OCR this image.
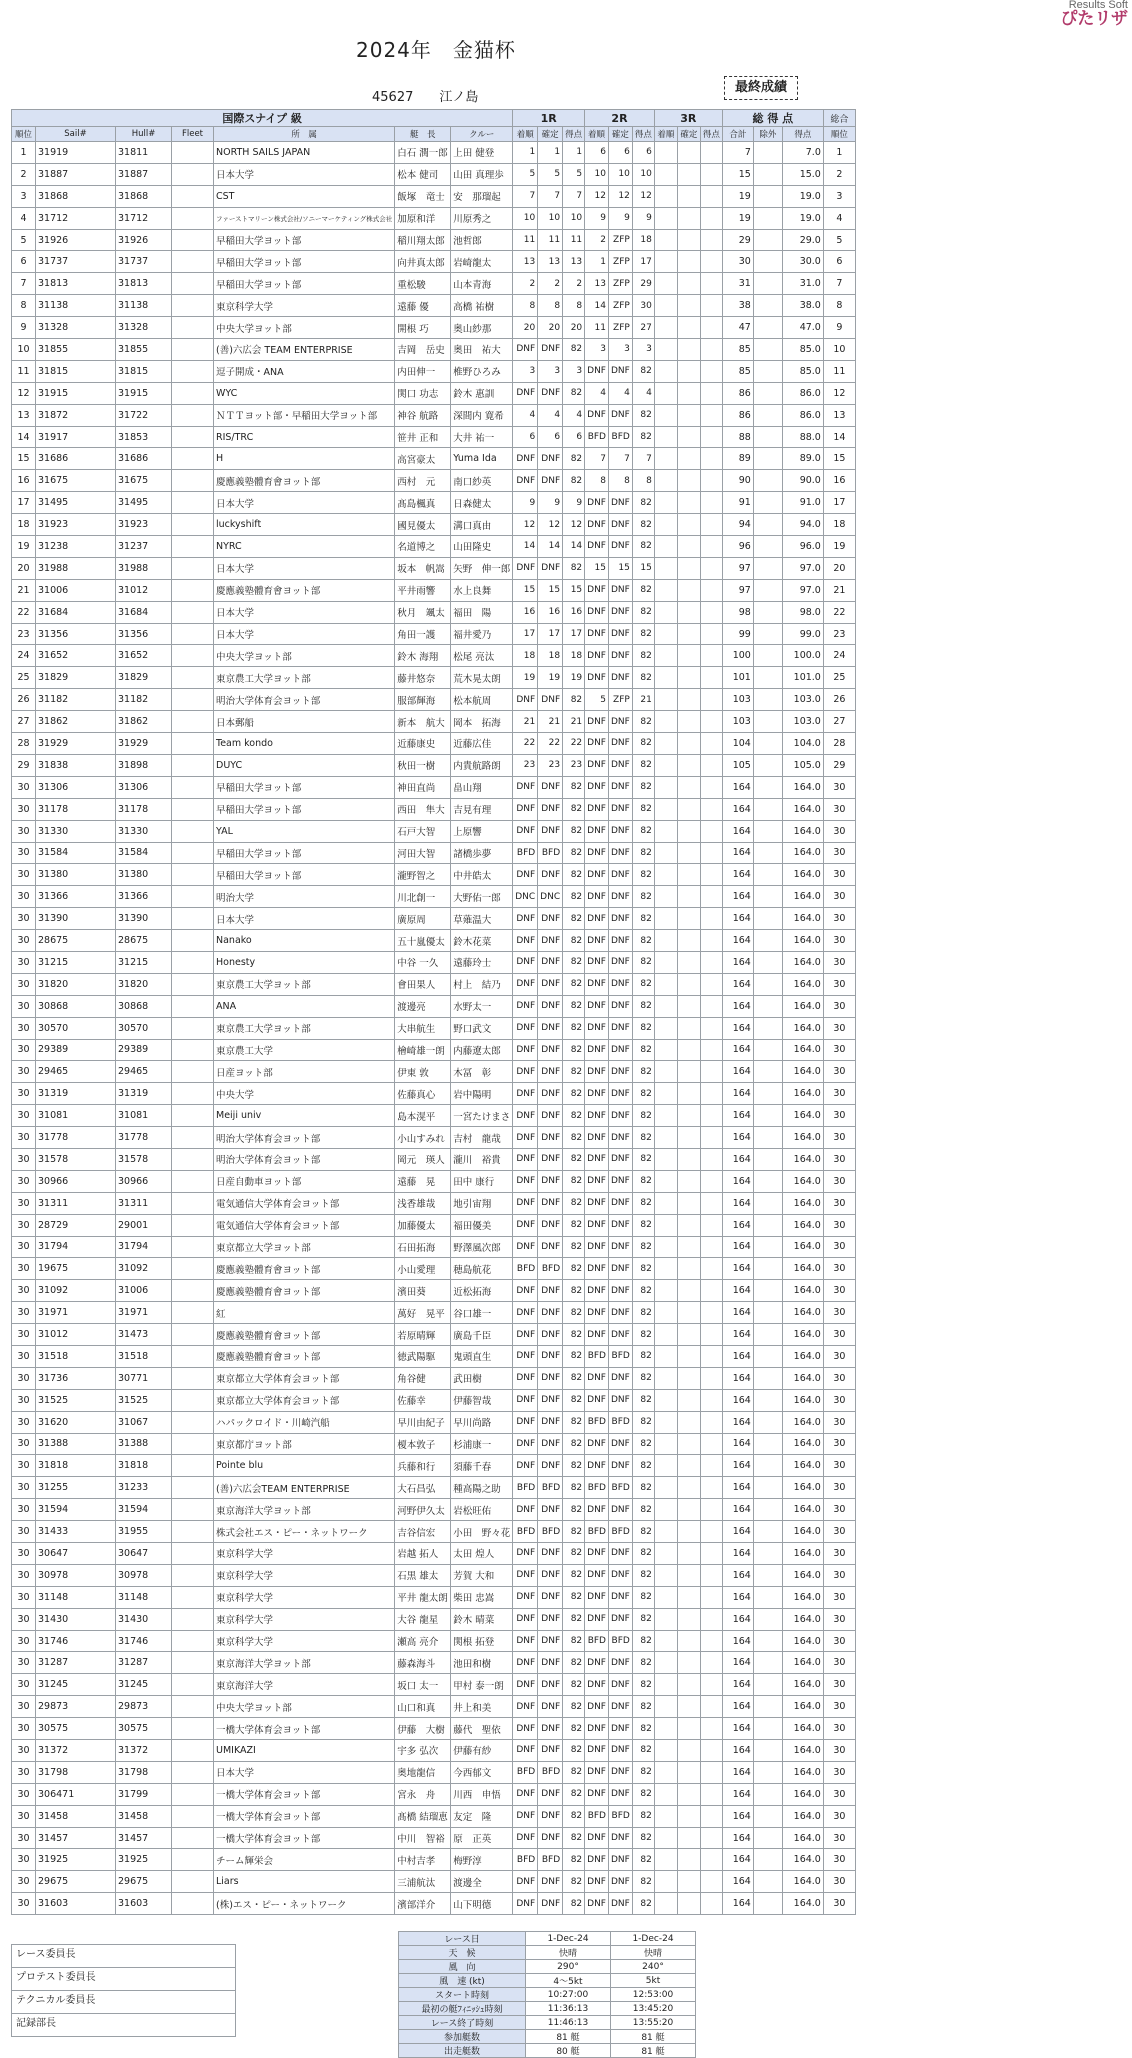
Results Soft
ぴたリザ
2024年　金猫杯
45627　　江ノ島
最終成績
国際スナイプ 級							1R			2R			3R			総 得 点			総合
順位	Sail#	Hull#	Fleet	所　属	艇　長	クルー	着順	確定	得点	着順	確定	得点	着順	確定	得点	合計	除外	得点	順位
1	31919	31811		NORTH SAILS JAPAN	白石 潤一郎	上田 健登	1	1	1	6	6	6				7		7.0	1
2	31887	31887		日本大学	松本 健司	山田 真理歩	5	5	5	10	10	10				15		15.0	2
3	31868	31868		CST	飯塚　竜士	安　那瑠起	7	7	7	12	12	12				19		19.0	3
4	31712	31712		ファーストマリーン株式会社/ソニーマーケティング株式会社	加原和洋	川原秀之	10	10	10	9	9	9				19		19.0	4
5	31926	31926		早稲田大学ヨット部	稲川翔太郎	池哲郎	11	11	11	2	ZFP	18				29		29.0	5
6	31737	31737		早稲田大学ヨット部	向井真太郎	岩崎龍太	13	13	13	1	ZFP	17				30		30.0	6
7	31813	31813		早稲田大学ヨット部	重松駿	山本青海	2	2	2	13	ZFP	29				31		31.0	7
8	31138	31138		東京科学大学	遠藤 優	高橋 祐樹	8	8	8	14	ZFP	30				38		38.0	8
9	31328	31328		中央大学ヨット部	開根 巧	奥山紗那	20	20	20	11	ZFP	27				47		47.0	9
10	31855	31855		(善)六広会 TEAM ENTERPRISE	吉岡　岳史	奥田　祐大	DNF	DNF	82	3	3	3				85		85.0	10
11	31815	31815		逗子開成・ANA	内田伸一	椎野ひろみ	3	3	3	DNF	DNF	82				85		85.0	11
12	31915	31915		WYC	関口 功志	鈴木 惠訓	DNF	DNF	82	4	4	4				86		86.0	12
13	31872	31722		ＮＴＴヨット部・早稲田大学ヨット部	神谷 航路	深間内 寛希	4	4	4	DNF	DNF	82				86		86.0	13
14	31917	31853		RIS/TRC	笹井 正和	大井 祐一	6	6	6	BFD	BFD	82				88		88.0	14
15	31686	31686		H	高宮豪太	Yuma Ida	DNF	DNF	82	7	7	7				89		89.0	15
16	31675	31675		慶應義塾體育會ヨット部	西村　元	南口紗英	DNF	DNF	82	8	8	8				90		90.0	16
17	31495	31495		日本大学	髙島楓真	日森健太	9	9	9	DNF	DNF	82				91		91.0	17
18	31923	31923		luckyshift	國見優太	溝口真由	12	12	12	DNF	DNF	82				94		94.0	18
19	31238	31237		NYRC	名道博之	山田隆史	14	14	14	DNF	DNF	82				96		96.0	19
20	31988	31988		日本大学	坂本　帆嵩	矢野　伸一郎	DNF	DNF	82	15	15	15				97		97.0	20
21	31006	31012		慶應義塾體育會ヨット部	平井雨響	水上良舞	15	15	15	DNF	DNF	82				97		97.0	21
22	31684	31684		日本大学	秋月　颯太	福田　陽	16	16	16	DNF	DNF	82				98		98.0	22
23	31356	31356		日本大学	角田一護	福井愛乃	17	17	17	DNF	DNF	82				99		99.0	23
24	31652	31652		中央大学ヨット部	鈴木 海翔	松尾 亮汰	18	18	18	DNF	DNF	82				100		100.0	24
25	31829	31829		東京農工大学ヨット部	藤井悠奈	荒木晃太朗	19	19	19	DNF	DNF	82				101		101.0	25
26	31182	31182		明治大学体育会ヨット部	服部輝海	松本航周	DNF	DNF	82	5	ZFP	21				103		103.0	26
27	31862	31862		日本郵船	新本　航大	岡本　拓海	21	21	21	DNF	DNF	82				103		103.0	27
28	31929	31929		Team kondo	近藤康史	近藤広佳	22	22	22	DNF	DNF	82				104		104.0	28
29	31838	31898		DUYC	秋田一樹	内貴航路朗	23	23	23	DNF	DNF	82				105		105.0	29
30	31306	31306		早稲田大学ヨット部	神田直尚	畠山翔	DNF	DNF	82	DNF	DNF	82				164		164.0	30
30	31178	31178		早稲田大学ヨット部	西田　隼大	吉見有理	DNF	DNF	82	DNF	DNF	82				164		164.0	30
30	31330	31330		YAL	石戸大智	上原響	DNF	DNF	82	DNF	DNF	82				164		164.0	30
30	31584	31584		早稲田大学ヨット部	河田大智	諸橋歩夢	BFD	BFD	82	DNF	DNF	82				164		164.0	30
30	31380	31380		早稲田大学ヨット部	瀧野智之	中井皓太	DNF	DNF	82	DNF	DNF	82				164		164.0	30
30	31366	31366		明治大学	川北創一	大野佑一郎	DNC	DNC	82	DNF	DNF	82				164		164.0	30
30	31390	31390		日本大学	廣原周	草薙温大	DNF	DNF	82	DNF	DNF	82				164		164.0	30
30	28675	28675		Nanako	五十嵐優太	鈴木花菜	DNF	DNF	82	DNF	DNF	82				164		164.0	30
30	31215	31215		Honesty	中谷 一久	遠藤玲士	DNF	DNF	82	DNF	DNF	82				164		164.0	30
30	31820	31820		東京農工大学ヨット部	會田果人	村上　結乃	DNF	DNF	82	DNF	DNF	82				164		164.0	30
30	30868	30868		ANA	渡邊亮	水野太一	DNF	DNF	82	DNF	DNF	82				164		164.0	30
30	30570	30570		東京農工大学ヨット部	大串航生	野口武文	DNF	DNF	82	DNF	DNF	82				164		164.0	30
30	29389	29389		東京農工大学	檜崎雄一朗	内藤遼太郎	DNF	DNF	82	DNF	DNF	82				164		164.0	30
30	29465	29465		日産ヨット部	伊東 敦	木冨　彰	DNF	DNF	82	DNF	DNF	82				164		164.0	30
30	31319	31319		中央大学	佐藤真心	岩中陽明	DNF	DNF	82	DNF	DNF	82				164		164.0	30
30	31081	31081		Meiji univ	島本滉平	一宮たけまさ	DNF	DNF	82	DNF	DNF	82				164		164.0	30
30	31778	31778		明治大学体育会ヨット部	小山すみれ	吉村　龍哉	DNF	DNF	82	DNF	DNF	82				164		164.0	30
30	31578	31578		明治大学体育会ヨット部	岡元　瑛人	瀧川　裕貴	DNF	DNF	82	DNF	DNF	82				164		164.0	30
30	30966	30966		日産自動車ヨット部	遠藤　晃	田中 康行	DNF	DNF	82	DNF	DNF	82				164		164.0	30
30	31311	31311		電気通信大学体育会ヨット部	浅香雄哉	地引宙翔	DNF	DNF	82	DNF	DNF	82				164		164.0	30
30	28729	29001		電気通信大学体育会ヨット部	加藤優太	福田優美	DNF	DNF	82	DNF	DNF	82				164		164.0	30
30	31794	31794		東京都立大学ヨット部	石田拓海	野澤風次郎	DNF	DNF	82	DNF	DNF	82				164		164.0	30
30	19675	31092		慶應義塾體育會ヨット部	小山愛理	穂島航花	BFD	BFD	82	DNF	DNF	82				164		164.0	30
30	31092	31006		慶應義塾體育會ヨット部	濱田葵	近松拓海	DNF	DNF	82	DNF	DNF	82				164		164.0	30
30	31971	31971		紅	萬好　晃平	谷口雄一	DNF	DNF	82	DNF	DNF	82				164		164.0	30
30	31012	31473		慶應義塾體育會ヨット部	若原晴輝	廣島千臣	DNF	DNF	82	DNF	DNF	82				164		164.0	30
30	31518	31518		慶應義塾體育會ヨット部	徳武陽駆	鬼頭直生	DNF	DNF	82	BFD	BFD	82				164		164.0	30
30	31736	30771		東京都立大学体育会ヨット部	角谷健	武田樹	DNF	DNF	82	DNF	DNF	82				164		164.0	30
30	31525	31525		東京都立大学体育会ヨット部	佐藤幸	伊藤智哉	DNF	DNF	82	DNF	DNF	82				164		164.0	30
30	31620	31067		ハパックロイド・川崎汽船	早川由紀子	早川尚路	DNF	DNF	82	BFD	BFD	82				164		164.0	30
30	31388	31388		東京都庁ヨット部	榎本敦子	杉浦康一	DNF	DNF	82	DNF	DNF	82				164		164.0	30
30	31818	31818		Pointe blu	兵藤和行	須藤千春	DNF	DNF	82	DNF	DNF	82				164		164.0	30
30	31255	31233		(善)六広会TEAM ENTERPRISE	大石昌弘	種高陽之助	BFD	BFD	82	BFD	BFD	82				164		164.0	30
30	31594	31594		東京海洋大学ヨット部	河野伊久太	岩松旺佑	DNF	DNF	82	DNF	DNF	82				164		164.0	30
30	31433	31955		株式会社エス・ピー・ネットワーク	吉谷信宏	小田　野々花	BFD	BFD	82	BFD	BFD	82				164		164.0	30
30	30647	30647		東京科学大学	岩越 拓人	太田 煌人	DNF	DNF	82	DNF	DNF	82				164		164.0	30
30	30978	30978		東京科学大学	石黒 雄太	芳賀 大和	DNF	DNF	82	DNF	DNF	82				164		164.0	30
30	31148	31148		東京科学大学	平井 龍太朗	柴田 忠嵩	DNF	DNF	82	DNF	DNF	82				164		164.0	30
30	31430	31430		東京科学大学	大谷 龍星	鈴木 晴菜	DNF	DNF	82	DNF	DNF	82				164		164.0	30
30	31746	31746		東京科学大学	瀬高 亮介	関根 拓登	DNF	DNF	82	BFD	BFD	82				164		164.0	30
30	31287	31287		東京海洋大学ヨット部	藤森海斗	池田和樹	DNF	DNF	82	DNF	DNF	82				164		164.0	30
30	31245	31245		東京海洋大学	坂口 太一	甲村 泰一朗	DNF	DNF	82	DNF	DNF	82				164		164.0	30
30	29873	29873		中央大学ヨット部	山口和真	井上和美	DNF	DNF	82	DNF	DNF	82				164		164.0	30
30	30575	30575		一橋大学体育会ヨット部	伊藤　大樹	藤代　聖依	DNF	DNF	82	DNF	DNF	82				164		164.0	30
30	31372	31372		UMIKAZI	宇多 弘次	伊藤有紗	DNF	DNF	82	DNF	DNF	82				164		164.0	30
30	31798	31798		日本大学	奥地龍信	今西郁文	BFD	BFD	82	DNF	DNF	82				164		164.0	30
30	306471	31799		一橋大学体育会ヨット部	宮永　舟	川西　申悟	DNF	DNF	82	DNF	DNF	82				164		164.0	30
30	31458	31458		一橋大学体育会ヨット部	髙橋 結瑠恵	友定　隆	DNF	DNF	82	BFD	BFD	82				164		164.0	30
30	31457	31457		一橋大学体育会ヨット部	中川　智裕	原　正英	DNF	DNF	82	DNF	DNF	82				164		164.0	30
30	31925	31925		チーム輝栄会	中村吉孝	梅野淳	BFD	BFD	82	DNF	DNF	82				164		164.0	30
30	29675	29675		Liars	三浦航汰	渡邊全	DNF	DNF	82	DNF	DNF	82				164		164.0	30
30	31603	31603		(株)エス・ピー・ネットワーク	濱部洋介	山下明德	DNF	DNF	82	DNF	DNF	82				164		164.0	30
レース日	1-Dec-24	1-Dec-24
天　候	快晴	快晴
風　向	290°	240°
風　速 (kt)	4～5kt	5kt
スタート時刻	10:27:00	12:53:00
最初の艇ﾌｨﾆｯｼｭ時刻	11:36:13	13:45:20
レース終了時刻	11:46:13	13:55:20
参加艇数	81 艇	81 艇
出走艇数	80 艇	81 艇
レース委員長
プロテスト委員長
テクニカル委員長
記録部長
